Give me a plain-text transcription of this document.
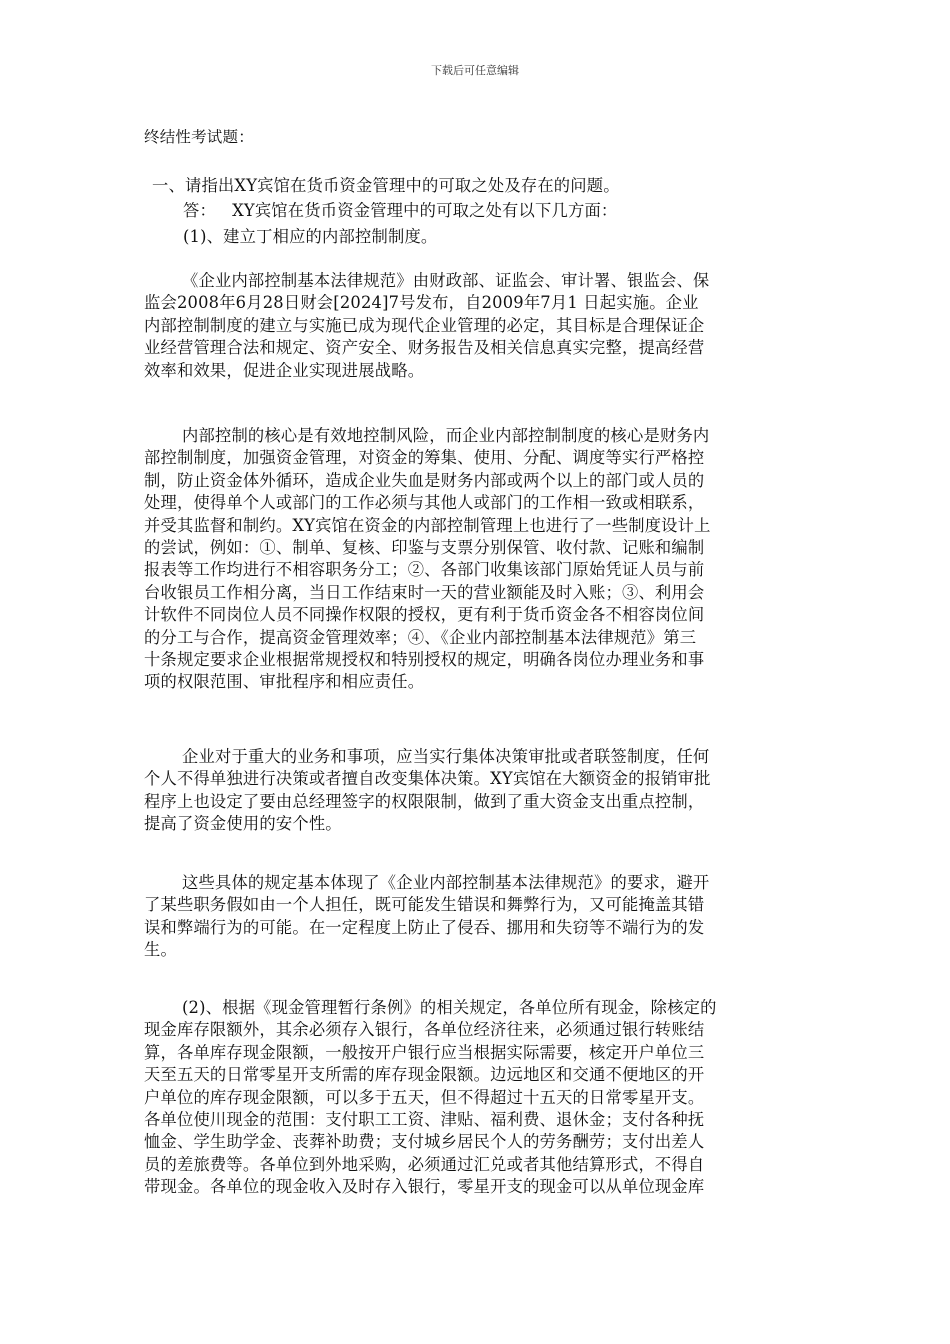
下载后可任意编辑
终结性考试题：
一、请指出XY宾馆在货币资金管理中的可取之处及存在的问题。
答：   XY宾馆在货币资金管理中的可取之处有以下几方面：
(1)、建立丁相应的内部控制制度。
《企业内部控制基本法律规范》由财政部、证监会、审计署、银监会、保
监会2008年6月28日财会[2024]7号发布，自2009年7月1 日起实施。企业
内部控制制度的建立与实施已成为现代企业管理的必定，其目标是合理保证企
业经营管理合法和规定、资产安全、财务报告及相关信息真实完整，提高经营
效率和效果，促进企业实现进展战略。
内部控制的核心是有效地控制风险，而企业内部控制制度的核心是财务内
部控制制度，加强资金管理，对资金的筹集、使用、分配、调度等实行严格控
制，防止资金体外循环，造成企业失血是财务内部或两个以上的部门或人员的
处理，使得单个人或部门的工作必须与其他人或部门的工作相一致或相联系，
并受其监督和制约。XY宾馆在资金的内部控制管理上也进行了一些制度设计上
的尝试，例如：①、制单、复核、印鉴与支票分别保管、收付款、记账和编制
报表等工作均进行不相容职务分工；②、各部门收集该部门原始凭证人员与前
台收银员工作相分离，当日工作结束时一天的营业额能及时入账；③、利用会
计软件不同岗位人员不同操作权限的授权，更有利于货币资金各不相容岗位间
的分工与合作，提高资金管理效率；④、《企业内部控制基本法律规范》第三
十条规定要求企业根据常规授权和特别授权的规定，明确各岗位办理业务和事
项的权限范围、审批程序和相应责任。
企业对于重大的业务和事项，应当实行集体决策审批或者联签制度，任何
个人不得单独进行决策或者擅自改变集体决策。XY宾馆在大额资金的报销审批
程序上也设定了要由总经理签字的权限限制，做到了重大资金支出重点控制，
提高了资金使用的安个性。
这些具体的规定基本体现了《企业内部控制基本法律规范》的要求，避开
了某些职务假如由一个人担任，既可能发生错误和舞弊行为，又可能掩盖其错
误和弊端行为的可能。在一定程度上防止了侵吞、挪用和失窃等不端行为的发
生。
(2)、根据《现金管理暂行条例》的相关规定，各单位所有现金，除核定的
现金库存限额外，其余必须存入银行，各单位经济往来，必须通过银行转账结
算，各单库存现金限额，一般按开户银行应当根据实际需要，核定开户单位三
天至五天的日常零星开支所需的库存现金限额。边远地区和交通不便地区的开
户单位的库存现金限额，可以多于五天，但不得超过十五天的日常零星开支。
各单位使川现金的范围：支付职工工资、津贴、福利费、退休金；支付各种抚
恤金、学生助学金、丧葬补助费；支付城乡居民个人的劳务酬劳；支付出差人
员的差旅费等。各单位到外地采购，必须通过汇兑或者其他结算形式，不得自
带现金。各单位的现金收入及时存入银行，零星开支的现金可以从单位现金库
